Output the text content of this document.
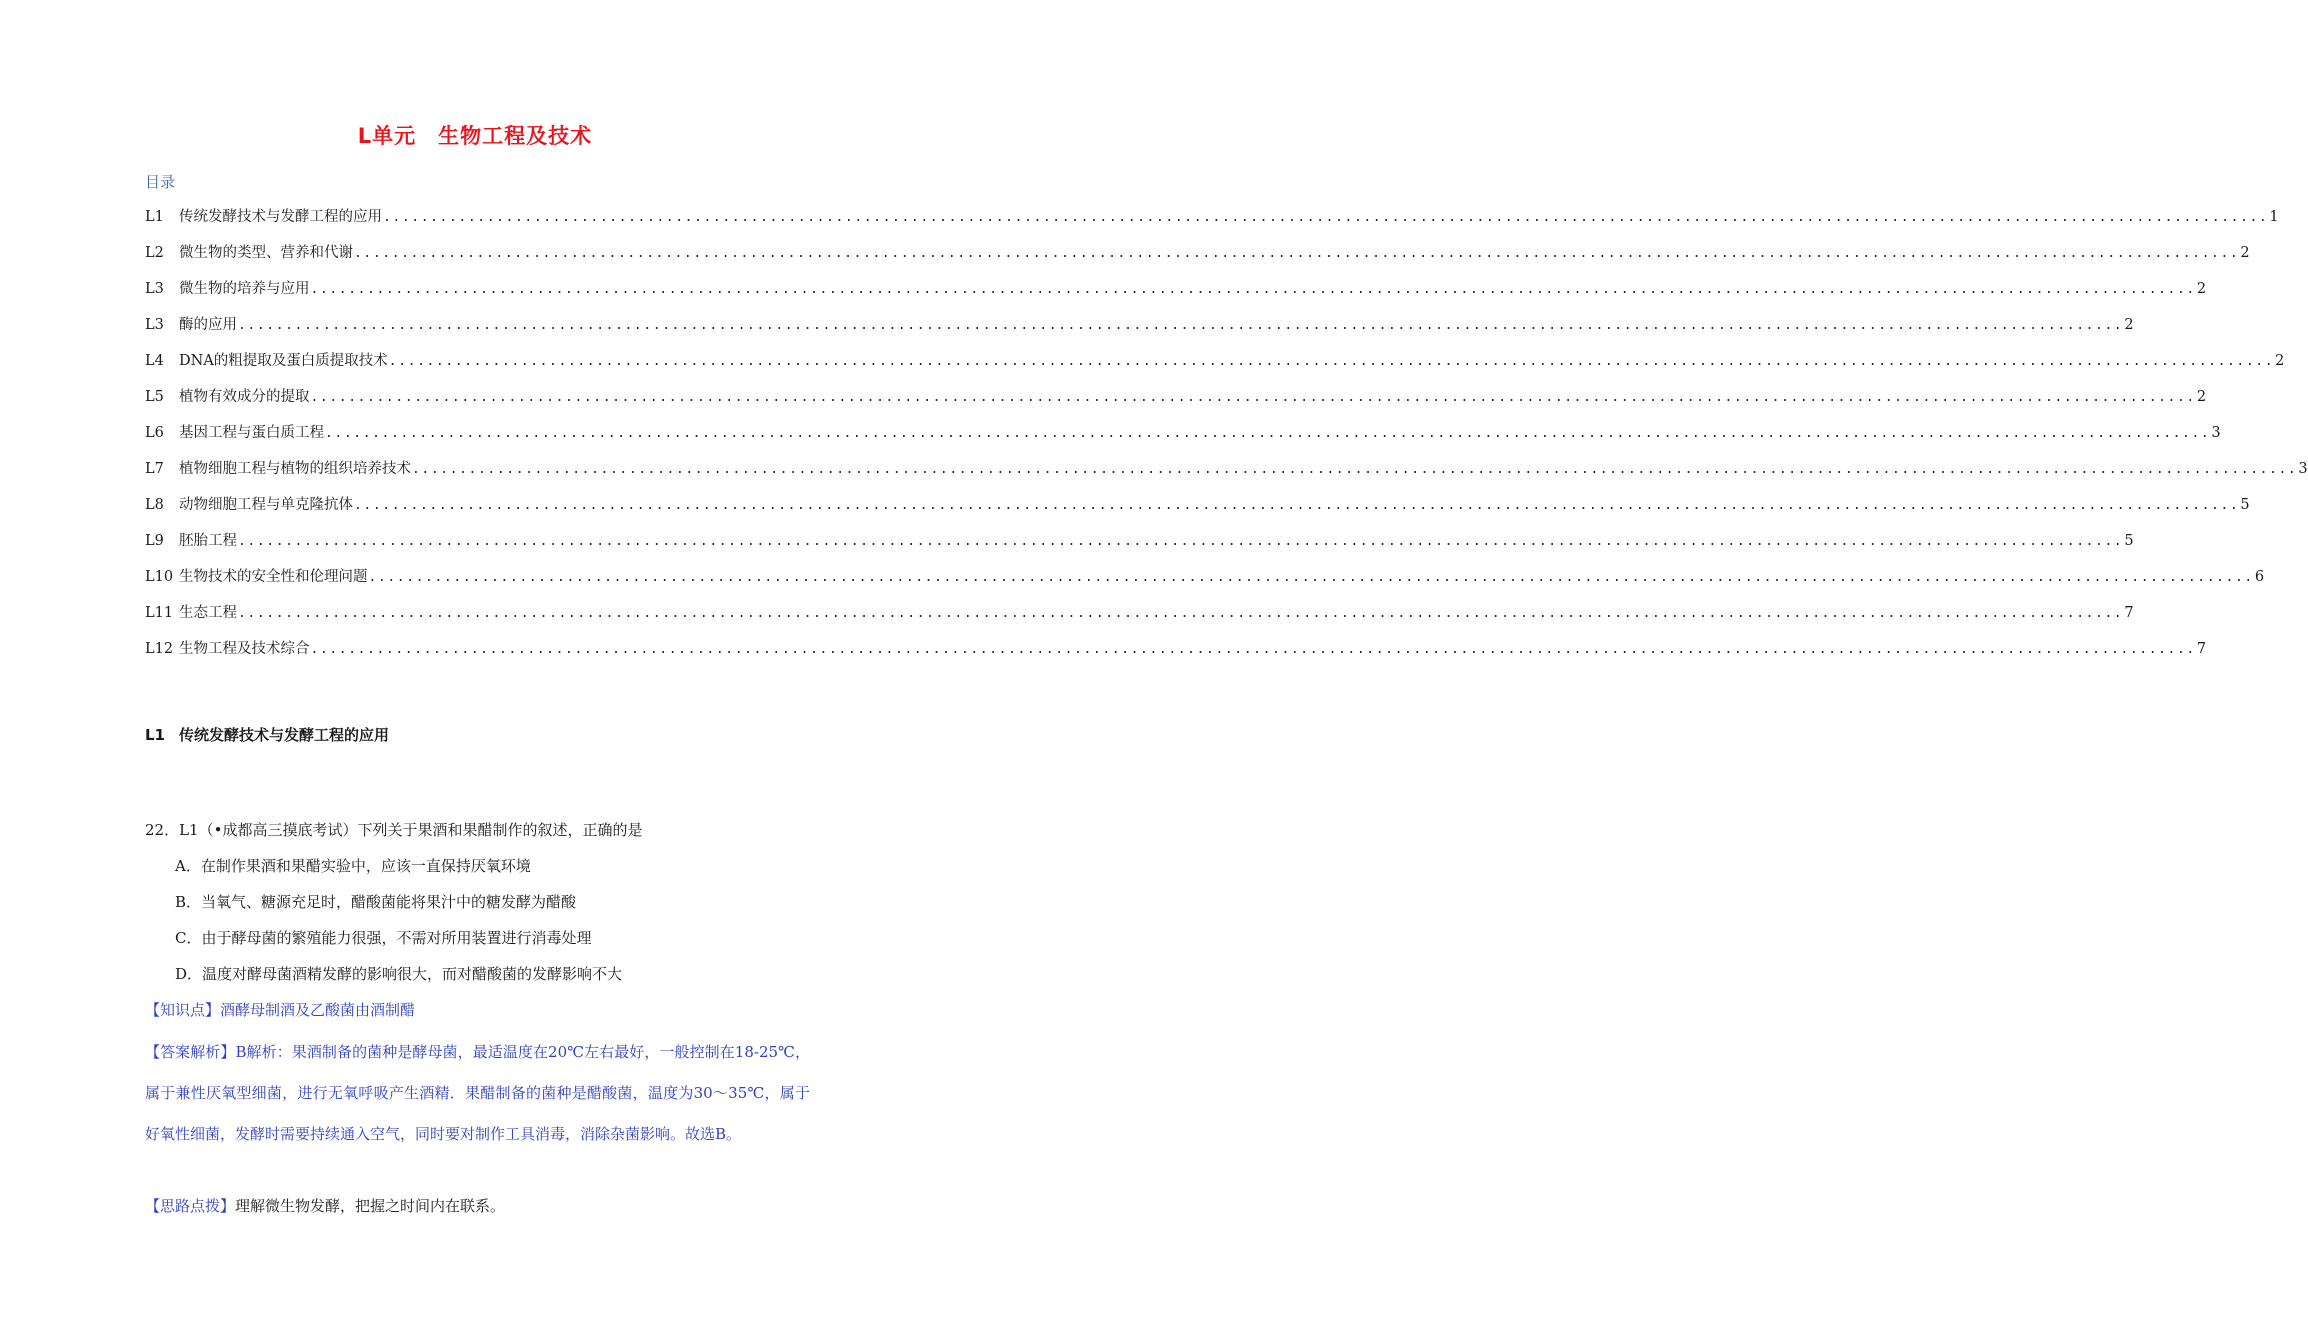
L单元　生物工程及技术
目录
L1	传统发酵技术与发酵工程的应用 ........................................................................................................................................................................................................ 1
L2	微生物的类型、营养和代谢 ........................................................................................................................................................................................................ 2
L3	微生物的培养与应用 ........................................................................................................................................................................................................ 2
L3	酶的应用 ........................................................................................................................................................................................................ 2
L4	DNA的粗提取及蛋白质提取技术 ........................................................................................................................................................................................................ 2
L5	植物有效成分的提取 ........................................................................................................................................................................................................ 2
L6	基因工程与蛋白质工程 ........................................................................................................................................................................................................ 3
L7	植物细胞工程与植物的组织培养技术 ........................................................................................................................................................................................................ 3
L8	动物细胞工程与单克隆抗体 ........................................................................................................................................................................................................ 5
L9	胚胎工程 ........................................................................................................................................................................................................ 5
L10 生物技术的安全性和伦理问题 ........................................................................................................................................................................................................ 6
L11 生态工程 ........................................................................................................................................................................................................ 7
L12 生物工程及技术综合 ........................................................................................................................................................................................................ 7
L1 传统发酵技术与发酵工程的应用
22．L1（•成都高三摸底考试）下列关于果酒和果醋制作的叙述，正确的是
A．在制作果酒和果醋实验中，应该一直保持厌氧环境
B．当氧气、糖源充足时，醋酸菌能将果汁中的糖发酵为醋酸
C．由于酵母菌的繁殖能力很强，不需对所用装置进行消毒处理
D．温度对酵母菌酒精发酵的影响很大，而对醋酸菌的发酵影响不大
【知识点】酒酵母制酒及乙酸菌由酒制醋
【答案解析】B解析：果酒制备的菌种是酵母菌，最适温度在20℃左右最好，一般控制在18-25℃，属于兼性厌氧型细菌，进行无氧呼吸产生酒精．果醋制备的菌种是醋酸菌，温度为30～35℃，属于好氧性细菌，发酵时需要持续通入空气，同时要对制作工具消毒，消除杂菌影响。故选B。
【思路点拨】理解微生物发酵，把握之时间内在联系。
